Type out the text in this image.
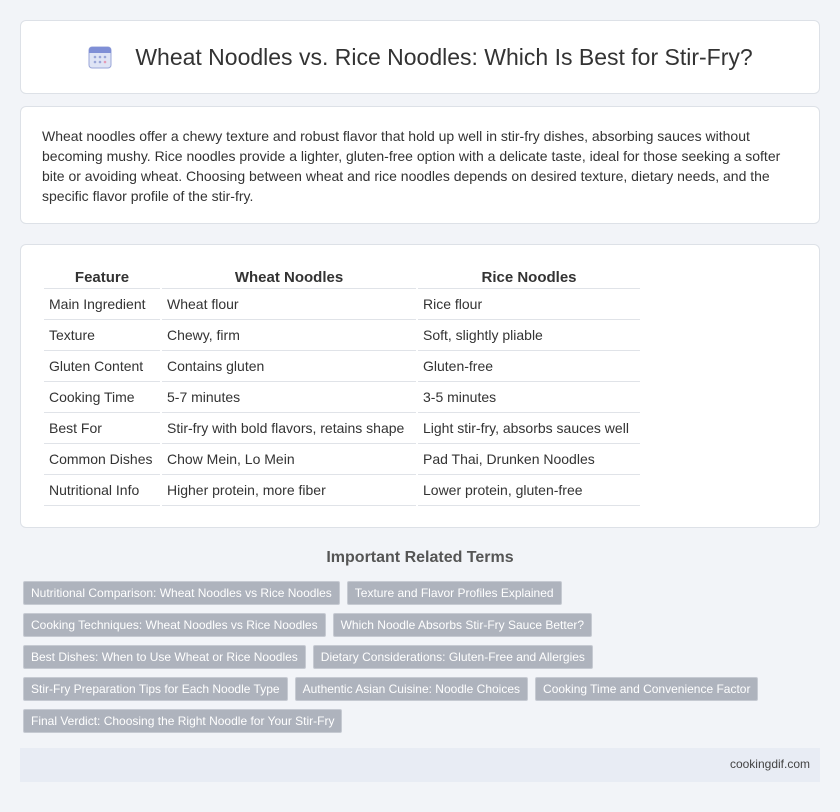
Wheat Noodles vs. Rice Noodles: Which Is Best for Stir-Fry?

Wheat noodles offer a chewy texture and robust flavor that hold up well in stir-fry dishes, absorbing sauces without becoming mushy. Rice noodles provide a lighter, gluten-free option with a delicate taste, ideal for those seeking a softer bite or avoiding wheat. Choosing between wheat and rice noodles depends on desired texture, dietary needs, and the specific flavor profile of the stir-fry.

Feature	Wheat Noodles	Rice Noodles
Main Ingredient	Wheat flour	Rice flour
Texture	Chewy, firm	Soft, slightly pliable
Gluten Content	Contains gluten	Gluten-free
Cooking Time	5-7 minutes	3-5 minutes
Best For	Stir-fry with bold flavors, retains shape	Light stir-fry, absorbs sauces well
Common Dishes	Chow Mein, Lo Mein	Pad Thai, Drunken Noodles
Nutritional Info	Higher protein, more fiber	Lower protein, gluten-free
Important Related Terms
Nutritional Comparison: Wheat Noodles vs Rice Noodles	Texture and Flavor Profiles Explained
Cooking Techniques: Wheat Noodles vs Rice Noodles	Which Noodle Absorbs Stir-Fry Sauce Better?
Best Dishes: When to Use Wheat or Rice Noodles	Dietary Considerations: Gluten-Free and Allergies
Stir-Fry Preparation Tips for Each Noodle Type	Authentic Asian Cuisine: Noodle Choices	Cooking Time and Convenience Factor
Final Verdict: Choosing the Right Noodle for Your Stir-Fry
cookingdif.com
